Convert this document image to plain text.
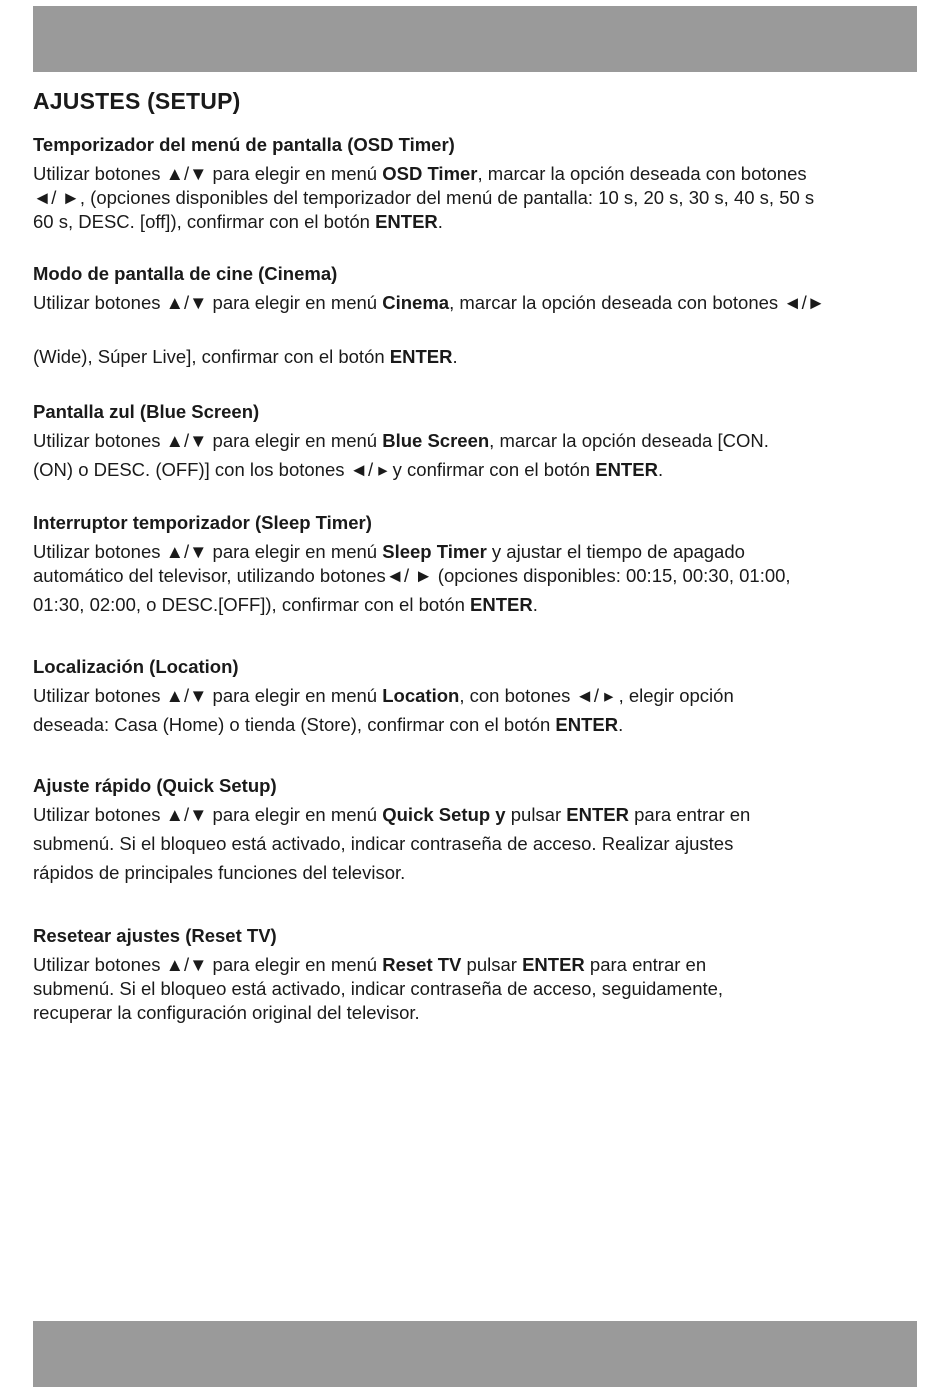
AJUSTES (SETUP)
Temporizador del menú de pantalla (OSD Timer)
Utilizar botones ▲/▼ para elegir en menú OSD Timer, marcar la opción deseada con botones
◄/ ►, (opciones disponibles del temporizador del menú de pantalla: 10 s, 20 s, 30 s, 40 s, 50 s
60 s, DESC. [off]), confirmar con el botón ENTER.
Modo de pantalla de cine (Cinema)
Utilizar botones ▲/▼ para elegir en menú Cinema, marcar la opción deseada con botones ◄/►
(Wide), Súper Live], confirmar con el botón ENTER.
Pantalla zul (Blue Screen)
Utilizar botones ▲/▼ para elegir en menú Blue Screen, marcar la opción deseada [CON.
(ON) o DESC. (OFF)] con los botones ◄/ ▸ y confirmar con el botón ENTER.
Interruptor temporizador (Sleep Timer)
Utilizar botones ▲/▼ para elegir en menú Sleep Timer y ajustar el tiempo de apagado
automático del televisor, utilizando botones◄/ ► (opciones disponibles: 00:15, 00:30, 01:00,
01:30, 02:00, o DESC.[OFF]), confirmar con el botón ENTER.
Localización (Location)
Utilizar botones ▲/▼ para elegir en menú Location, con botones ◄/ ▸ , elegir opción
deseada: Casa (Home) o tienda (Store), confirmar con el botón ENTER.
Ajuste rápido (Quick Setup)
Utilizar botones ▲/▼ para elegir en menú Quick Setup y pulsar ENTER para entrar en
submenú. Si el bloqueo está activado, indicar contraseña de acceso. Realizar ajustes
rápidos de principales funciones del televisor.
Resetear ajustes (Reset TV)
Utilizar botones ▲/▼ para elegir en menú Reset TV pulsar ENTER para entrar en
submenú. Si el bloqueo está activado, indicar contraseña de acceso, seguidamente,
recuperar la configuración original del televisor.
